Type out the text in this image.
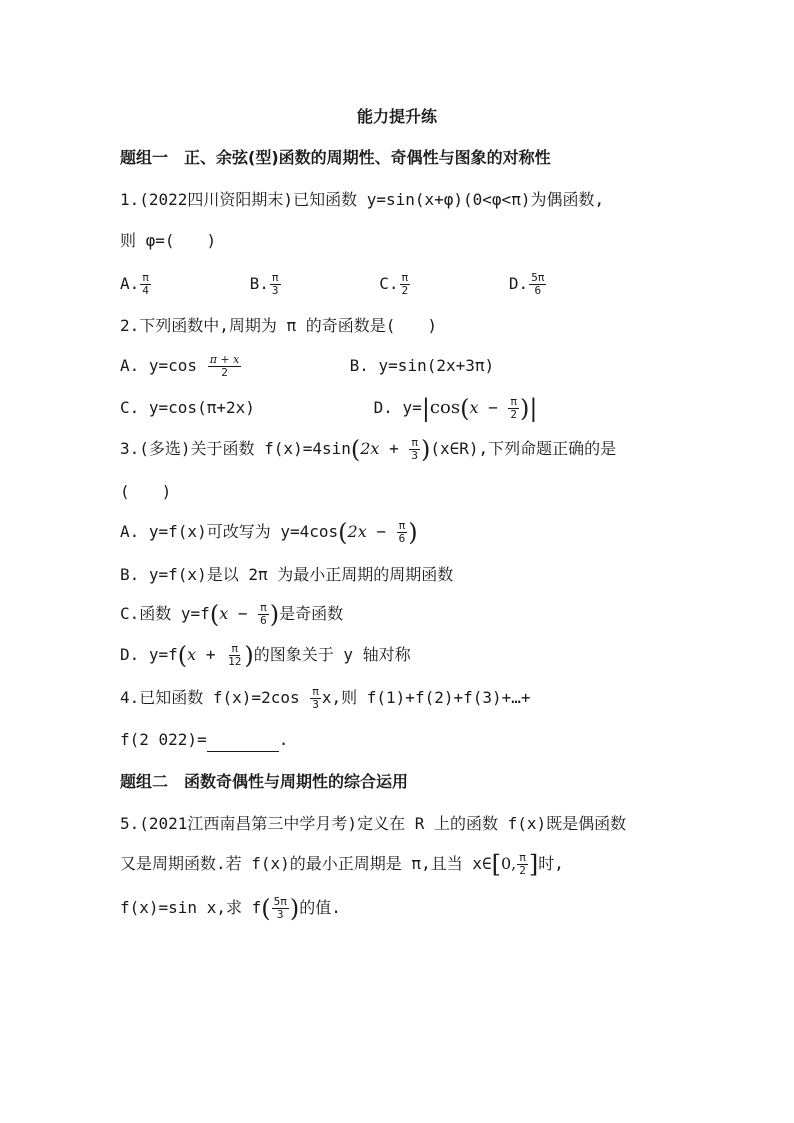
能力提升练
题组一　正、余弦(型)函数的周期性、奇偶性与图象的对称性
1.(2022四川资阳期末)已知函数 y=sin(x+φ)(0<φ<π)为偶函数,
则 φ=(　　)
A. $\frac{\pi}{4}$	B. $\frac{\pi}{3}$	C. $\frac{\pi}{2}$	D. $\frac{5\pi}{6}$
2.下列函数中,周期为 π 的奇函数是(　　)
A. $y=\cos \frac{\pi + x}{2}$	B. y=sin(2x+3π)
C. y=cos(π+2x)	D. $y=|\cos(x - \frac{\pi}{2}$ )|
3.(多选)关于函数 $f(x)=4\sin(2x + \frac{\pi}{3}$ )(x∈R),下列命题正确的是
(　　)
A. y=f(x)可改写为 $y=4\cos(2x - \frac{\pi}{6}$ )
B. y=f(x)是以 2π 为最小正周期的周期函数
C.函数 $y=f(x - \frac{\pi}{6}$ )是奇函数
D. $y=f(x + \frac{\pi}{12}$ )的图象关于 y 轴对称
4.已知函数 $f(x)=2\cos \frac{\pi}{3} x$,则 f(1)+f(2)+f(3)+…+
f(2 022)=	.
题组二　函数奇偶性与周期性的综合运用
5.(2021江西南昌第三中学月考)定义在 R 上的函数 f(x)既是偶函数
又是周期函数.若 f(x)的最小正周期是 π,且当 x∈[0, $\frac{\pi}{2}$ ]时,
f(x)=sin x,求 $f( \frac{5\pi}{3}$ )的值.
